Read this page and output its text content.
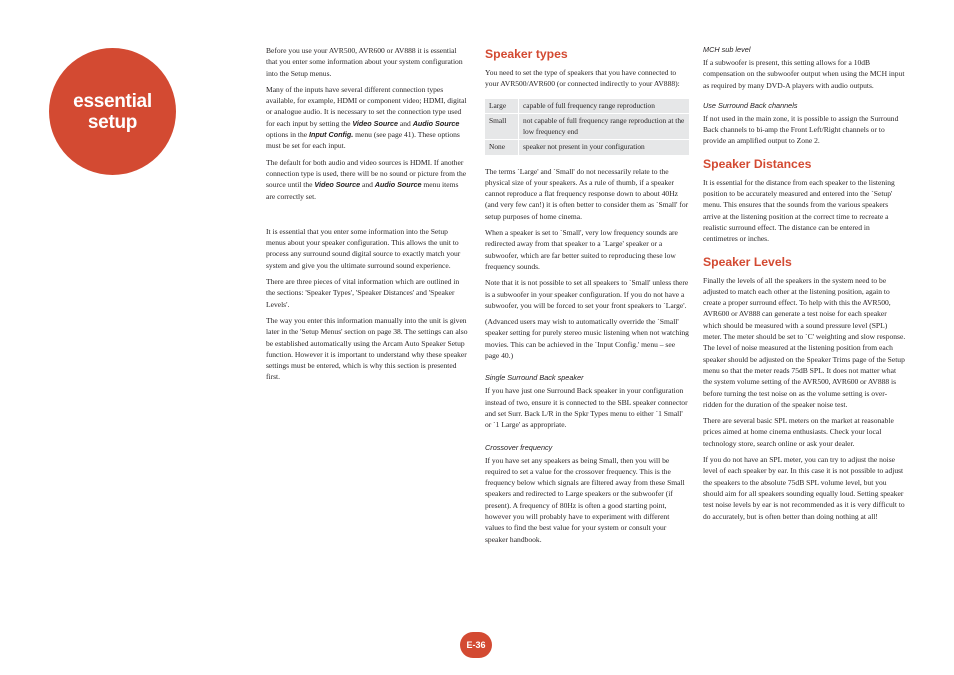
essential
setup

Before you use your AVR500, AVR600 or AV888 it is essential that you enter some information about your system configuration into the Setup menus.

Many of the inputs have several different connection types available, for example, HDMI or component video; HDMI, digital or analogue audio. It is necessary to set the connection type used for each input by setting the Video Source and Audio Source options in the Input Config. menu (see page 41). These options must be set for each input.

The default for both audio and video sources is HDMI. If another connection type is used, there will be no sound or picture from the source until the Video Source and Audio Source menu items are correctly set.

It is essential that you enter some information into the Setup menus about your speaker configuration. This allows the unit to process any surround sound digital source to exactly match your system and give you the ultimate surround sound experience.

There are three pieces of vital information which are outlined in the sections: 'Speaker Types', 'Speaker Distances' and 'Speaker Levels'.

The way you enter this information manually into the unit is given later in the 'Setup Menus' section on page 38. The settings can also be established automatically using the Arcam Auto Speaker Setup function. However it is important to understand why these speaker settings must be entered, which is why this section is presented first.

Speaker types

You need to set the type of speakers that you have connected to your AVR500/AVR600 (or connected indirectly to your AV888):

Large	capable of full frequency range reproduction
Small	not capable of full frequency range reproduction at the low frequency end
None	speaker not present in your configuration

The terms `Large' and `Small' do not necessarily relate to the physical size of your speakers. As a rule of thumb, if a speaker cannot reproduce a flat frequency response down to about 40Hz (and very few can!) it is often better to consider them as `Small' for setup purposes of home cinema.

When a speaker is set to `Small', very low frequency sounds are redirected away from that speaker to a `Large' speaker or a subwoofer, which are far better suited to reproducing these low frequency sounds.

Note that it is not possible to set all speakers to `Small' unless there is a subwoofer in your speaker configuration. If you do not have a subwoofer, you will be forced to set your front speakers to `Large'.

(Advanced users may wish to automatically override the `Small' speaker setting for purely stereo music listening when not watching movies. This can be achieved in the `Input Config.' menu – see page 40.)

Single Surround Back speaker

If you have just one Surround Back speaker in your configuration instead of two, ensure it is connected to the SBL speaker connector and set Surr. Back L/R in the Spkr Types menu to either `1 Small' or `1 Large' as appropriate.

Crossover frequency

If you have set any speakers as being Small, then you will be required to set a value for the crossover frequency. This is the frequency below which signals are filtered away from these Small speakers and redirected to Large speakers or the subwoofer (if present). A frequency of 80Hz is often a good starting point, however you will probably have to experiment with different values to find the best value for your system or consult your speaker handbook.

MCH sub level

If a subwoofer is present, this setting allows for a 10dB compensation on the subwoofer output when using the MCH input as required by many DVD-A players with audio outputs.

Use Surround Back channels

If not used in the main zone, it is possible to assign the Surround Back channels to bi-amp the Front Left/Right channels or to provide an amplified output to Zone 2.

Speaker Distances

It is essential for the distance from each speaker to the listening position to be accurately measured and entered into the `Setup' menu. This ensures that the sounds from the various speakers arrive at the listening position at the correct time to recreate a realistic surround effect. The distance can be entered in centimetres or inches.

Speaker Levels

Finally the levels of all the speakers in the system need to be adjusted to match each other at the listening position, again to create a proper surround effect. To help with this the AVR500, AVR600 or AV888 can generate a test noise for each speaker which should be measured with a sound pressure level (SPL) meter. The meter should be set to `C' weighting and slow response. The level of noise measured at the listening position from each speaker should be adjusted on the Speaker Trims page of the Setup menu so that the meter reads 75dB SPL. It does not matter what the system volume setting of the AVR500, AVR600 or AV888 is before turning the test noise on as the volume setting is over-ridden for the duration of the speaker noise test.

There are several basic SPL meters on the market at reasonable prices aimed at home cinema enthusiasts. Check your local technology store, search online or ask your dealer.

If you do not have an SPL meter, you can try to adjust the noise level of each speaker by ear. In this case it is not possible to adjust the speakers to the absolute 75dB SPL volume level, but you should aim for all speakers sounding equally loud. Setting speaker test noise levels by ear is not recommended as it is very difficult to do accurately, but is often better than doing nothing at all!

E-36
